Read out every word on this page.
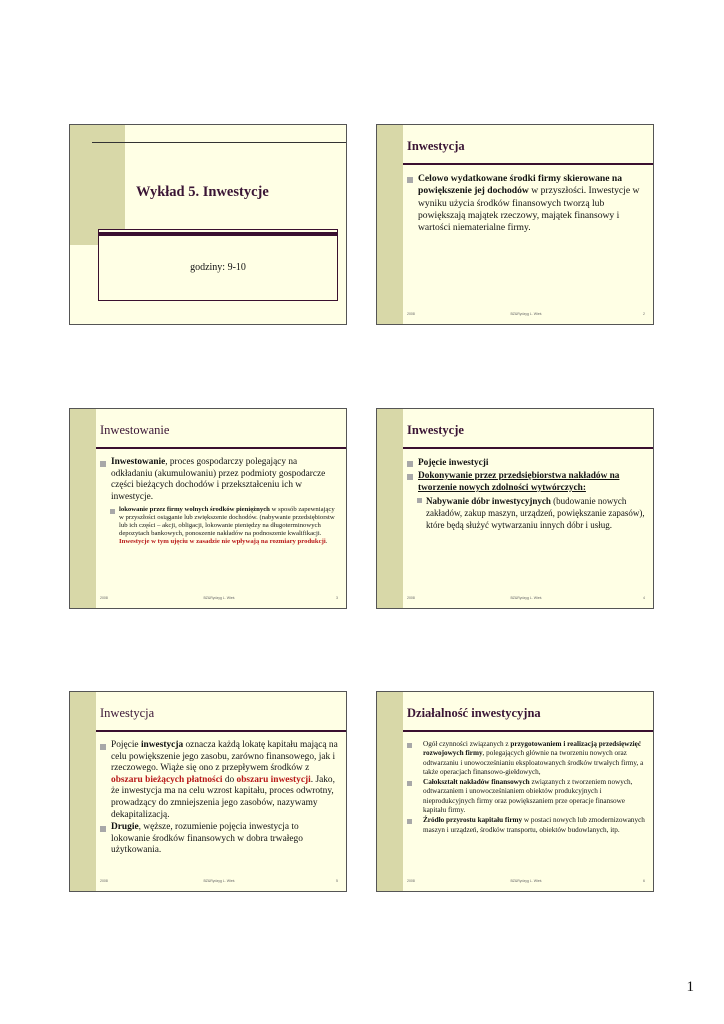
Wykład 5. Inwestycje
godziny: 9-10
Inwestycja
Celowo wydatkowane środki firmy skierowane na powiększenie jej dochodów w przyszłości. Inwestycje w wyniku użycia środków finansowych tworzą lub powiększają majątek rzeczowy, majątek finansowy i wartości niematerialne firmy.
2008	BZ&Rydzyg L. Wieś	2
Inwestowanie
Inwestowanie, proces gospodarczy polegający na odkładaniu (akumulowaniu) przez podmioty gospodarcze części bieżących dochodów i przekształceniu ich w inwestycje.
lokowanie przez firmy wolnych środków pieniężnych w sposób zapewniający w przyszłości osiąganie lub zwiększenie dochodów. (nabywanie przedsiębiorstw lub ich części – akcji, obligacji, lokowanie pieniędzy na długoterminowych depozytach bankowych, ponoszenie nakładów na podnoszenie kwalifikacji. Inwestycje w tym ujęciu w zasadzie nie wpływają na rozmiary produkcji.
2008	BZ&Rydzyg L. Wieś	3
Inwestycje
Pojęcie inwestycji
Dokonywanie przez przedsiębiorstwa nakładów na tworzenie nowych zdolności wytwórczych:
Nabywanie dóbr inwestycyjnych (budowanie nowych zakładów, zakup maszyn, urządzeń, powiększanie zapasów), które będą służyć wytwarzaniu innych dóbr i usług.
2008	BZ&Rydzyg L. Wieś	4
Inwestycja
Pojęcie inwestycja oznacza każdą lokatę kapitału mającą na celu powiększenie jego zasobu, zarówno finansowego, jak i rzeczowego. Wiąże się ono z przepływem środków z obszaru bieżących płatności do obszaru inwestycji. Jako, że inwestycja ma na celu wzrost kapitału, proces odwrotny, prowadzący do zmniejszenia jego zasobów, nazywamy dekapitalizacją.
Drugie, węższe, rozumienie pojęcia inwestycja to lokowanie środków finansowych w dobra trwałego użytkowania.
2008	BZ&Rydzyg L. Wieś	5
Działalność inwestycyjna
Ogół czynności związanych z przygotowaniem i realizacją przedsięwzięć rozwojowych firmy, polegających głównie na tworzeniu nowych oraz odtwarzaniu i unowocześnianiu eksploatowanych środków trwałych firmy, a także operacjach finansowo-giełdowych,
Całokształt nakładów finansowych związanych z tworzeniem nowych, odtwarzaniem i unowocześnianiem obiektów produkcyjnych i nieprodukcyjnych firmy oraz powiększaniem prze operacje finansowe kapitału firmy.
Źródło przyrostu kapitału firmy w postaci nowych lub zmodernizowanych maszyn i urządzeń, środków transportu, obiektów budowlanych, itp.
2008	BZ&Rydzyg L. Wieś	6
1
